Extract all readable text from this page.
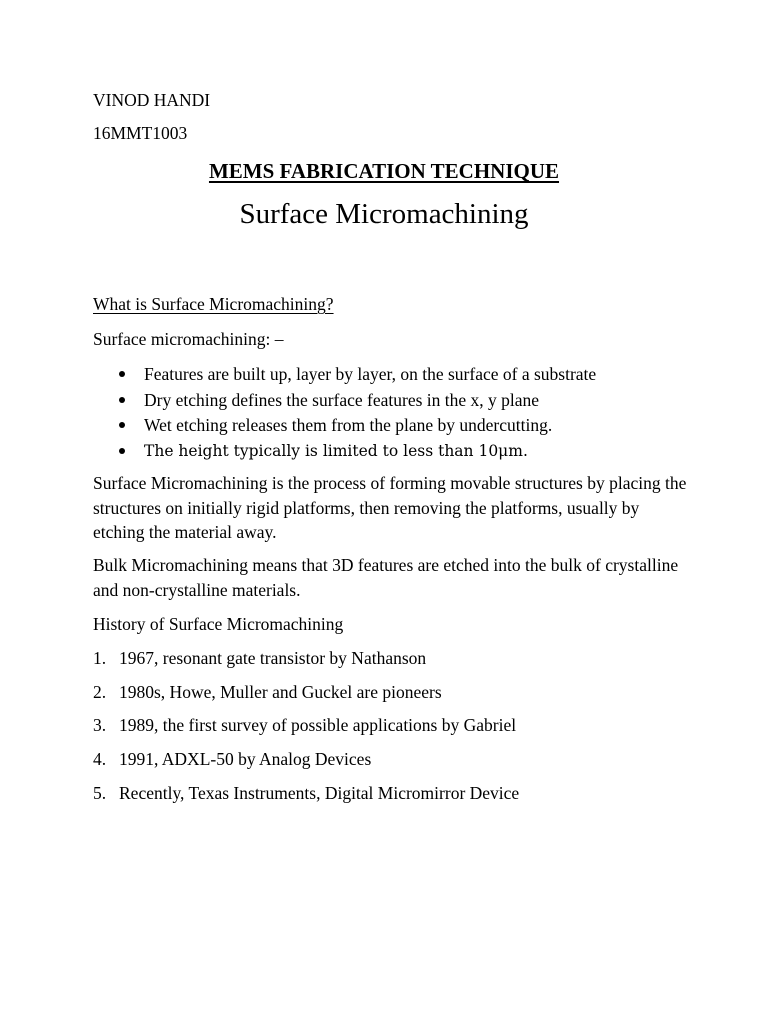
VINOD HANDI
16MMT1003
MEMS FABRICATION TECHNIQUE
Surface Micromachining
What is Surface Micromachining?
Surface micromachining: –
Features are built up, layer by layer, on the surface of a substrate
Dry etching defines the surface features in the x, y plane
Wet etching releases them from the plane by undercutting.
The height typically is limited to less than 10μm.
Surface Micromachining is the process of forming movable structures by placing the structures on initially rigid platforms, then removing the platforms, usually by etching the material away.
Bulk Micromachining means that 3D features are etched into the bulk of crystalline and non-crystalline materials.
History of Surface Micromachining
1. 1967, resonant gate transistor by Nathanson
2. 1980s, Howe, Muller and Guckel are pioneers
3. 1989, the first survey of possible applications by Gabriel
4. 1991, ADXL-50 by Analog Devices
5. Recently, Texas Instruments, Digital Micromirror Device
